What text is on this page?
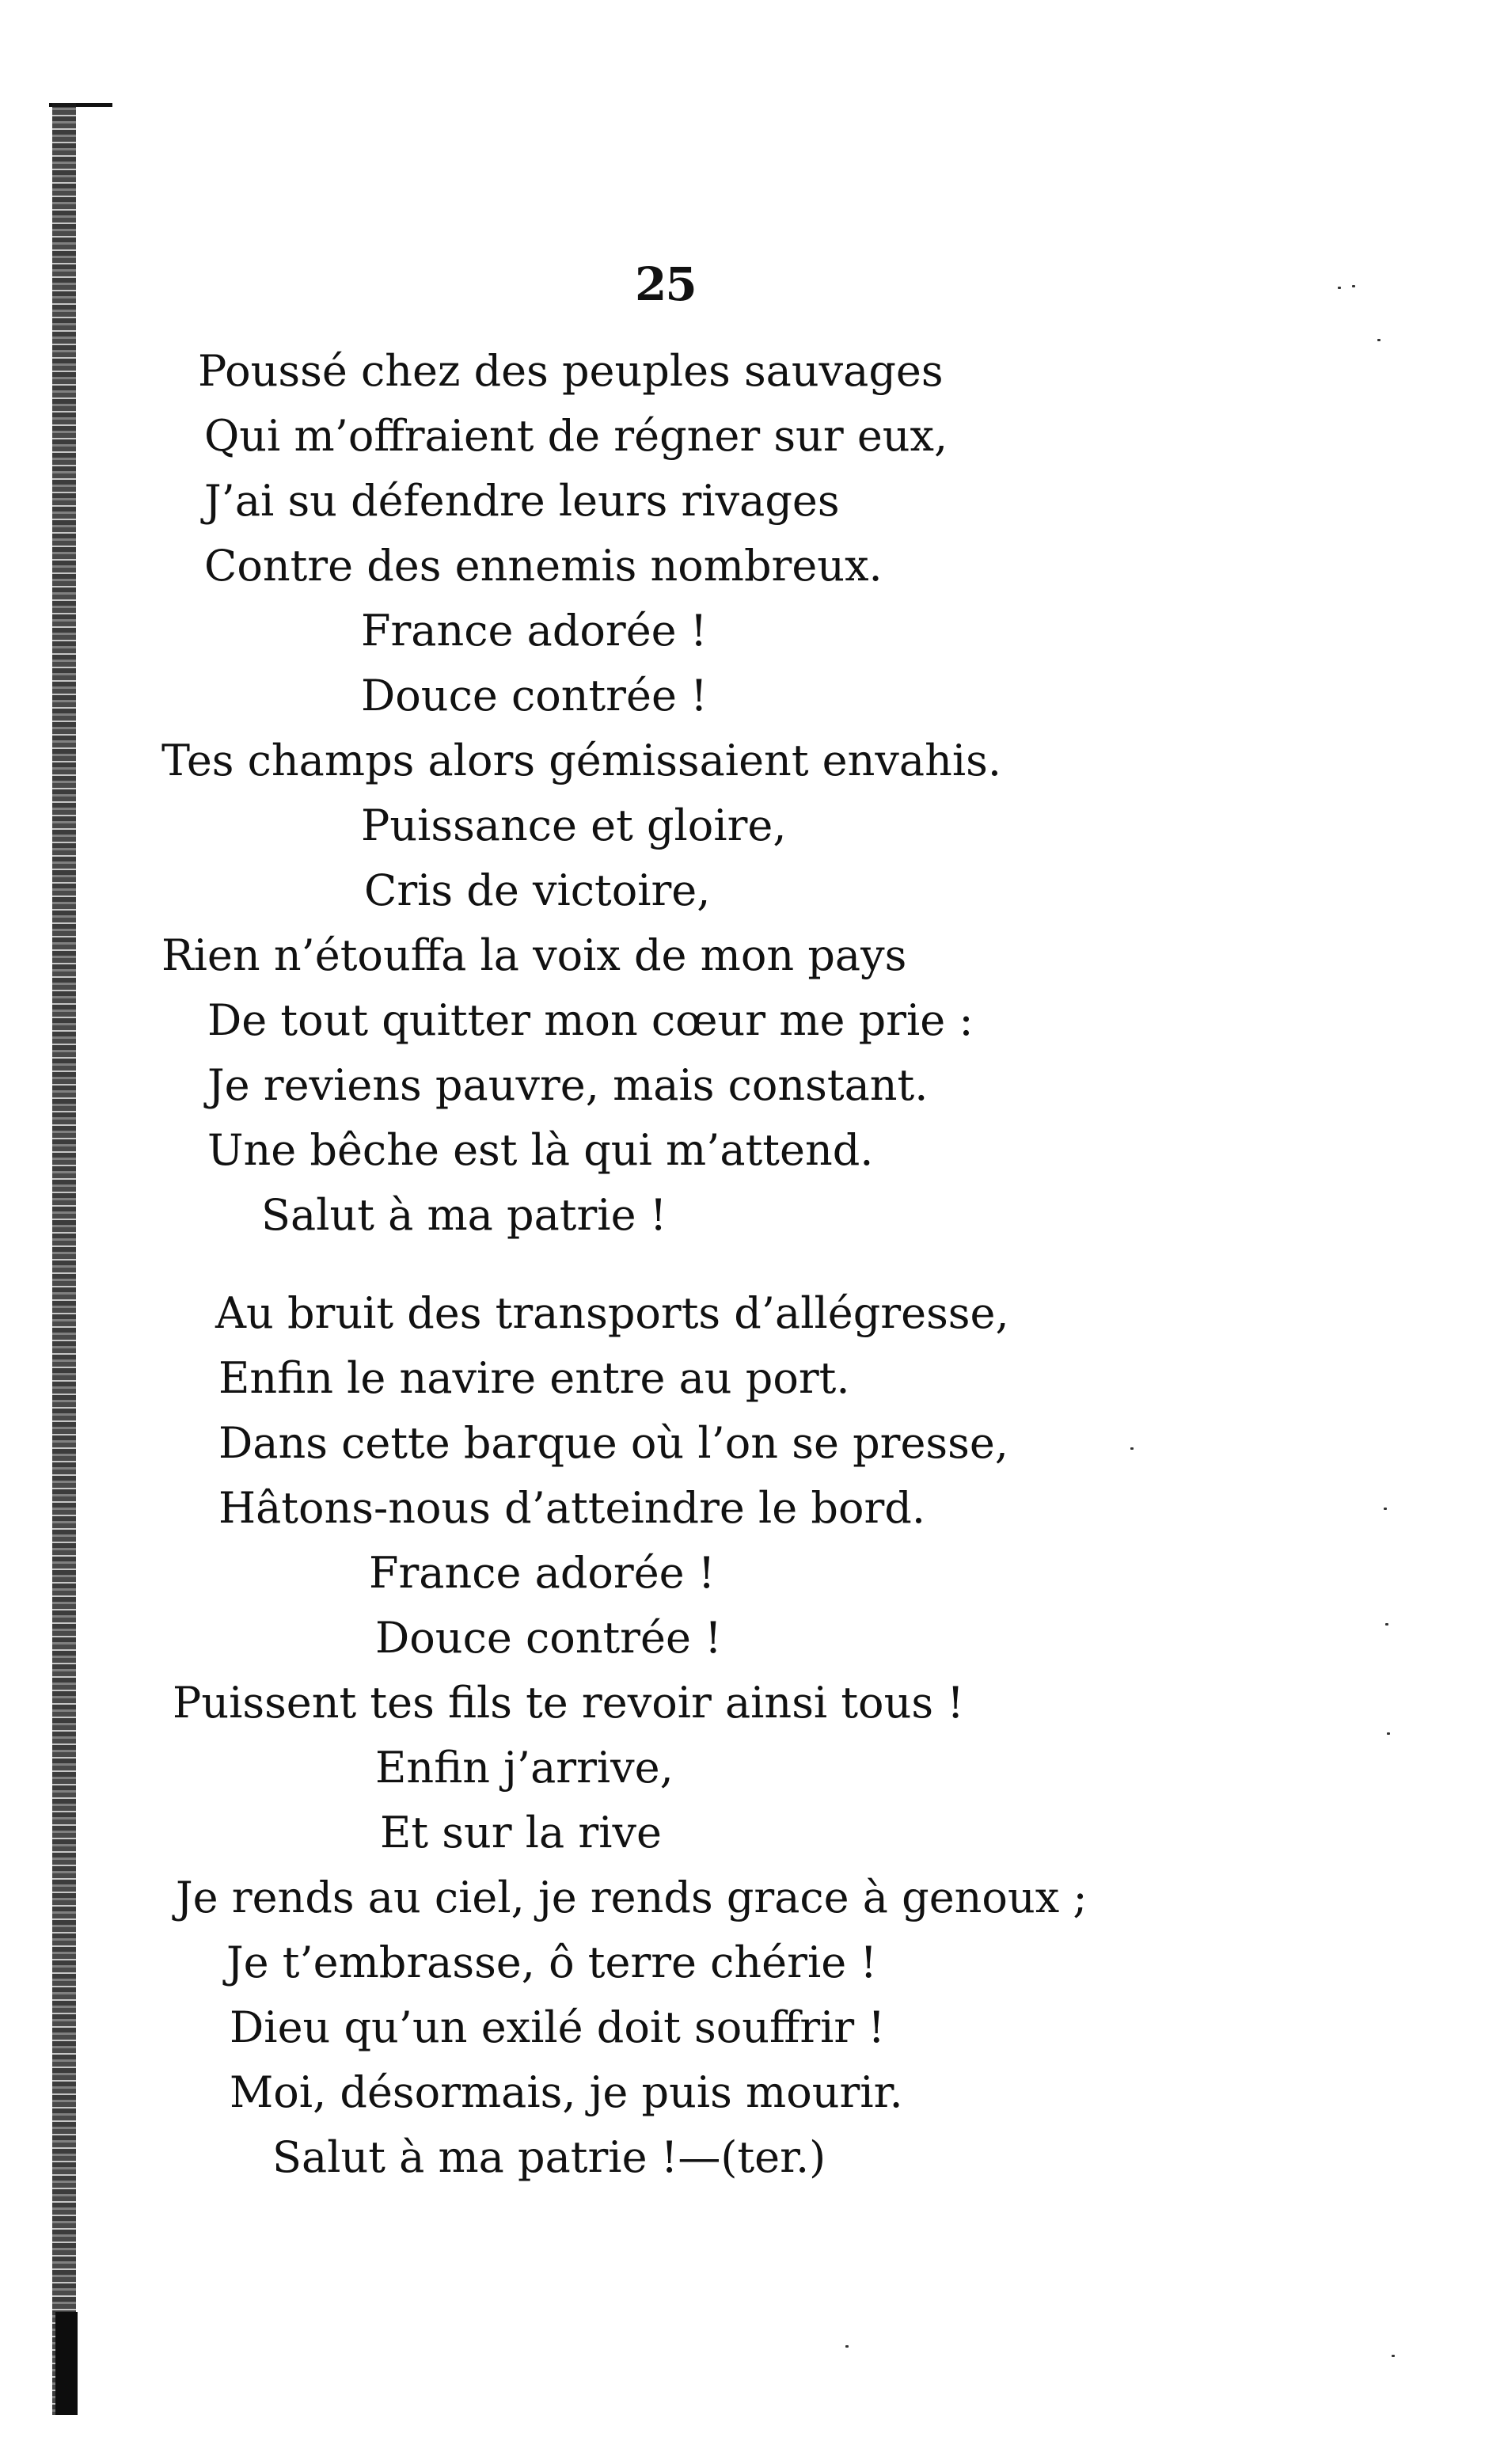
25
Poussé chez des peuples sauvages
Qui m’offraient de régner sur eux,
J’ai su défendre leurs rivages
Contre des ennemis nombreux.
France adorée !
Douce contrée !
Tes champs alors gémissaient envahis.
Puissance et gloire,
Cris de victoire,
Rien n’étouffa la voix de mon pays
De tout quitter mon cœur me prie :
Je reviens pauvre, mais constant.
Une bêche est là qui m’attend.
Salut à ma patrie !
Au bruit des transports d’allégresse,
Enfin le navire entre au port.
Dans cette barque où l’on se presse,
Hâtons-nous d’atteindre le bord.
France adorée !
Douce contrée !
Puissent tes fils te revoir ainsi tous !
Enfin j’arrive,
Et sur la rive
Je rends au ciel, je rends grace à genoux ;
Je t’embrasse, ô terre chérie !
Dieu qu’un exilé doit souffrir !
Moi, désormais, je puis mourir.
Salut à ma patrie !—(ter.)
